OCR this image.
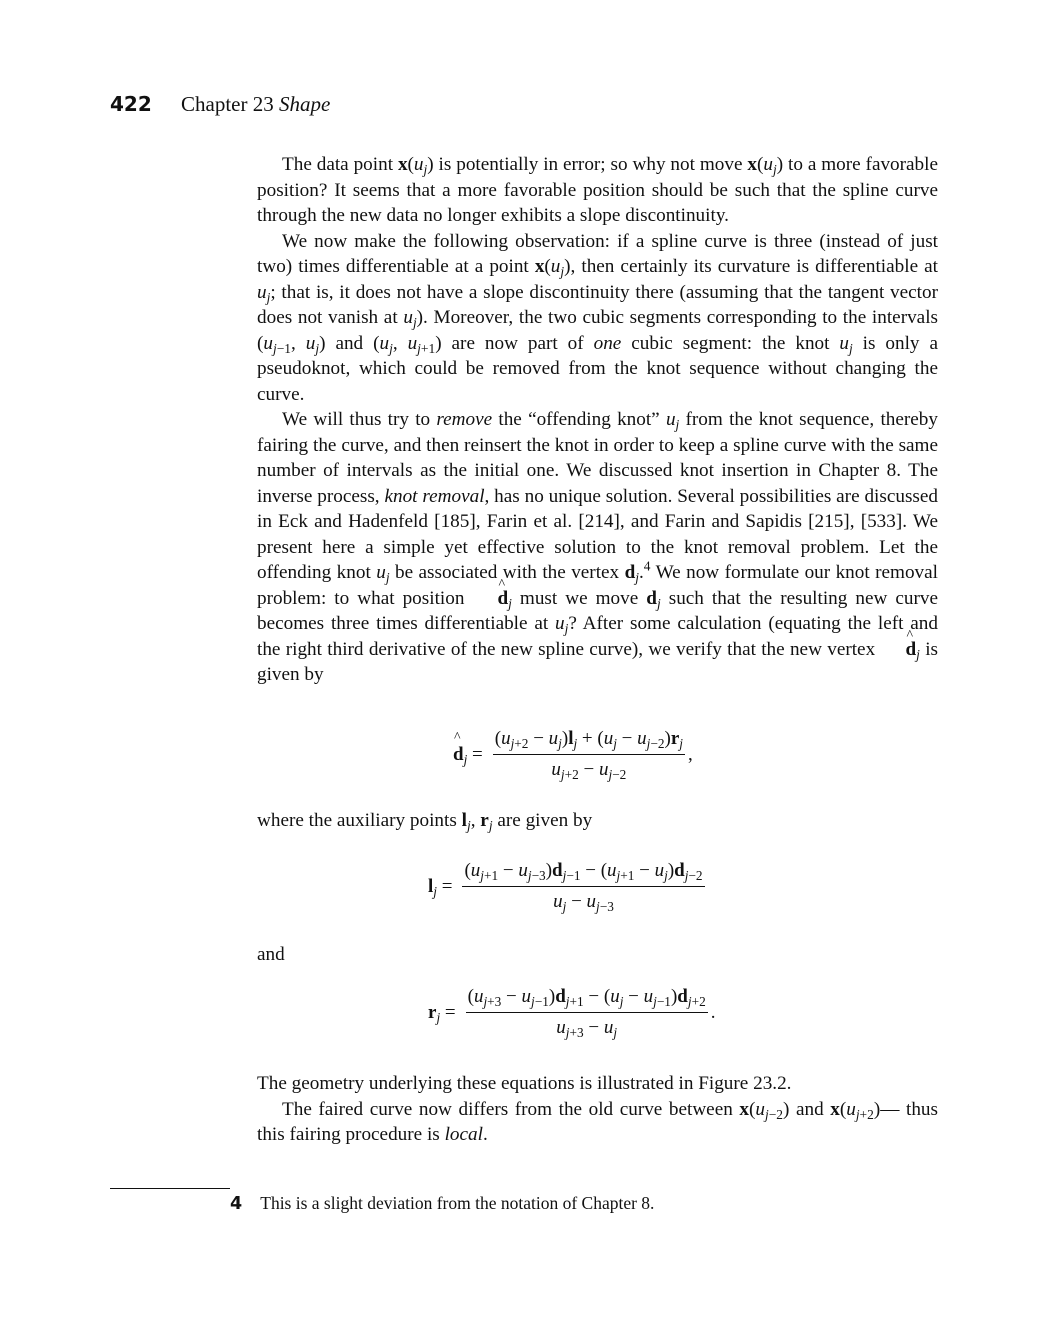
422 Chapter 23 Shape

The data point $x(u_j)$ is potentially in error; so why not move $x(u_j)$ to a more favorable position? It seems that a more favorable position should be such that the spline curve through the new data no longer exhibits a slope discontinuity.

We now make the following observation: if a spline curve is three (instead of just two) times differentiable at a point $x(u_j)$, then certainly its curvature is differentiable at $u_j$; that is, it does not have a slope discontinuity there (assuming that the tangent vector does not vanish at $u_j$). Moreover, the two cubic segments corresponding to the intervals ($u_{j-1}$, $u_j$) and ($u_j$, $u_{j+1}$) are now part of one cubic segment: the knot $u_j$ is only a pseudoknot, which could be removed from the knot sequence without changing the curve.

We will thus try to remove the “offending knot” $u_j$ from the knot sequence, thereby fairing the curve, and then reinsert the knot in order to keep a spline curve with the same number of intervals as the initial one. We discussed knot insertion in Chapter 8. The inverse process, knot removal, has no unique solution. Several possibilities are discussed in Eck and Hadenfeld [185], Farin et al. [214], and Farin and Sapidis [215], [533]. We present here a simple yet effective solution to the knot removal problem. Let the offending knot $u_j$ be associated with the vertex $d_j.^4$ We now formulate our knot removal problem: to what position ^ $d_j$ must we move $d_j$ such that the resulting new curve becomes three times differentiable at $u_j$? After some calculation (equating the left and the right third derivative of the new spline curve), we verify that the new vertex ^ $d_j$ is given by

^ $d_j = \frac{(u_{j+2} - u_j)l_j + (u_j - u_{j-2})r_j}{u_{j+2} - u_{j-2}}$ ,

where the auxiliary points $l_j$, $r_j$ are given by

$l_j = \frac{(u_{j+1} - u_{j-3})d_{j-1} - (u_{j+1} - u_j)d_{j-2}}{u_j - u_{j-3}}$

and

$r_j = \frac{(u_{j+3} - u_{j-1})d_{j+1} - (u_j - u_{j-1})d_{j+2}}{u_{j+3} - u_j}$ .

The geometry underlying these equations is illustrated in Figure 23.2.

The faired curve now differs from the old curve between $x(u_{j-2})$ and $x(u_{j+2})—$ thus this fairing procedure is local.

4 This is a slight deviation from the notation of Chapter 8.
